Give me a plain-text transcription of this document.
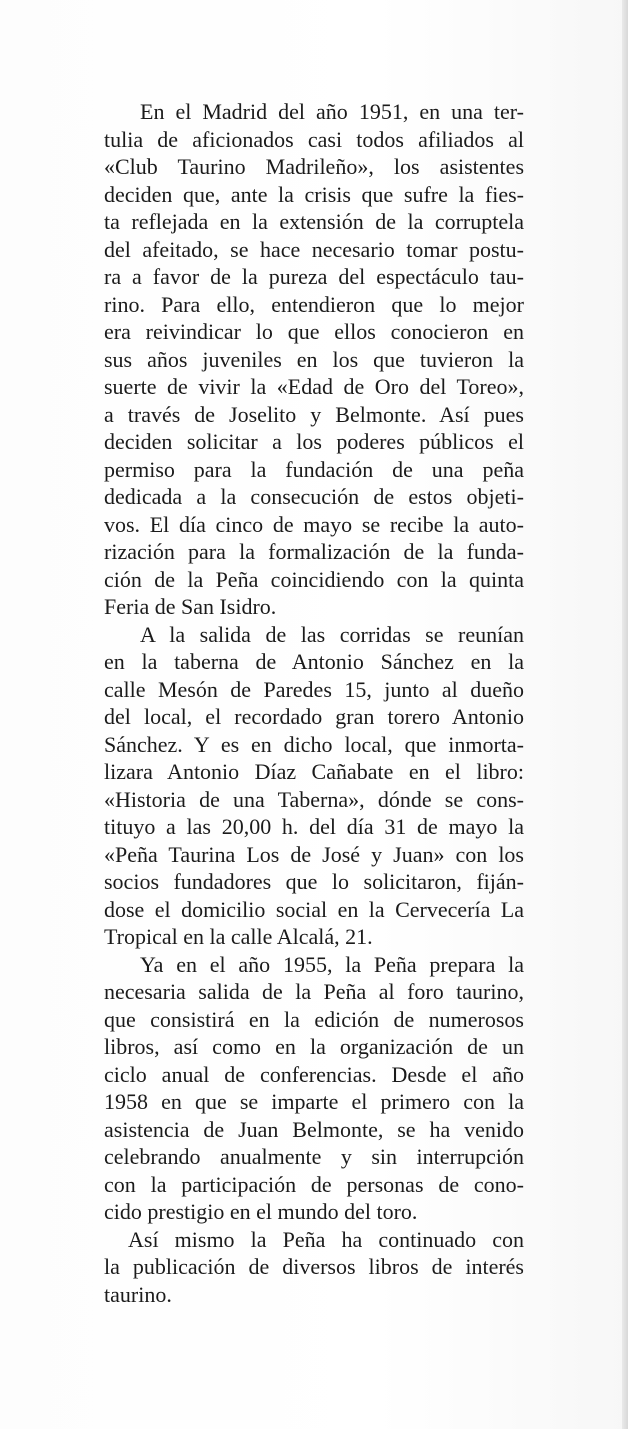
En el Madrid del año 1951, en una ter-
tulia de aficionados casi todos afiliados al
«Club Taurino Madrileño», los asistentes
deciden que, ante la crisis que sufre la fies-
ta reflejada en la extensión de la corruptela
del afeitado, se hace necesario tomar postu-
ra a favor de la pureza del espectáculo tau-
rino. Para ello, entendieron que lo mejor
era reivindicar lo que ellos conocieron en
sus años juveniles en los que tuvieron la
suerte de vivir la «Edad de Oro del Toreo»,
a través de Joselito y Belmonte. Así pues
deciden solicitar a los poderes públicos el
permiso para la fundación de una peña
dedicada a la consecución de estos objeti-
vos. El día cinco de mayo se recibe la auto-
rización para la formalización de la funda-
ción de la Peña coincidiendo con la quinta
Feria de San Isidro.
A la salida de las corridas se reunían
en la taberna de Antonio Sánchez en la
calle Mesón de Paredes 15, junto al dueño
del local, el recordado gran torero Antonio
Sánchez. Y es en dicho local, que inmorta-
lizara Antonio Díaz Cañabate en el libro:
«Historia de una Taberna», dónde se cons-
tituyo a las 20,00 h. del día 31 de mayo la
«Peña Taurina Los de José y Juan» con los
socios fundadores que lo solicitaron, fiján-
dose el domicilio social en la Cervecería La
Tropical en la calle Alcalá, 21.
Ya en el año 1955, la Peña prepara la
necesaria salida de la Peña al foro taurino,
que consistirá en la edición de numerosos
libros, así como en la organización de un
ciclo anual de conferencias. Desde el año
1958 en que se imparte el primero con la
asistencia de Juan Belmonte, se ha venido
celebrando anualmente y sin interrupción
con la participación de personas de cono-
cido prestigio en el mundo del toro.
Así mismo la Peña ha continuado con
la publicación de diversos libros de interés
taurino.
